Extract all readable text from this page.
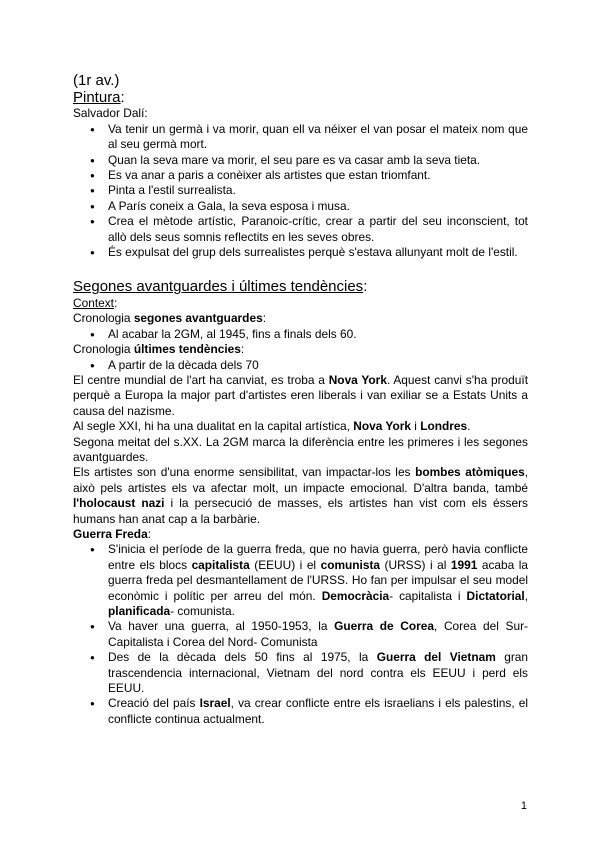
(1r av.)
Pintura:
Salvador Dalí:
● Va tenir un germà i va morir, quan ell va néixer el van posar el mateix nom que al seu germà mort.
● Quan la seva mare va morir, el seu pare es va casar amb la seva tieta.
● Es va anar a paris a conèixer als artistes que estan triomfant.
● Pinta a l'estil surrealista.
● A París coneix a Gala, la seva esposa i musa.
● Crea el mètode artístic, Paranoic-crític, crear a partir del seu inconscient, tot allò dels seus somnis reflectits en les seves obres.
● És expulsat del grup dels surrealistes perquè s'estava allunyant molt de l'estil.
Segones avantguardes i últimes tendències:
Context:
Cronologia segones avantguardes:
● Al acabar la 2GM, al 1945, fins a finals dels 60.
Cronologia últimes tendències:
● A partir de la dècada dels 70
El centre mundial de l'art ha canviat, es troba a Nova York. Aquest canvi s'ha produït perquè a Europa la major part d'artistes eren liberals i van exiliar se a Estats Units a causa del nazisme.
Al segle XXI, hi ha una dualitat en la capital artística, Nova York i Londres.
Segona meitat del s.XX. La 2GM marca la diferència entre les primeres i les segones avantguardes.
Els artistes son d'una enorme sensibilitat, van impactar-los les bombes atòmiques, això pels artistes els va afectar molt, un impacte emocional. D'altra banda, també l'holocaust nazi i la persecució de masses, els artistes han vist com els éssers humans han anat cap a la barbàrie.
Guerra Freda:
● S'inicia el període de la guerra freda, que no havia guerra, però havia conflicte entre els blocs capitalista (EEUU) i el comunista (URSS) i al 1991 acaba la guerra freda pel desmantellament de l'URSS. Ho fan per impulsar el seu model econòmic i polític per arreu del món. Democràcia- capitalista i Dictatorial, planificada- comunista.
● Va haver una guerra, al 1950-1953, la Guerra de Corea, Corea del Sur- Capitalista i Corea del Nord- Comunista
● Des de la dècada dels 50 fins al 1975, la Guerra del Vietnam gran trascendencia internacional, Vietnam del nord contra els EEUU i perd els EEUU.
● Creació del país Israel, va crear conflicte entre els israelians i els palestins, el conflicte continua actualment.
1
